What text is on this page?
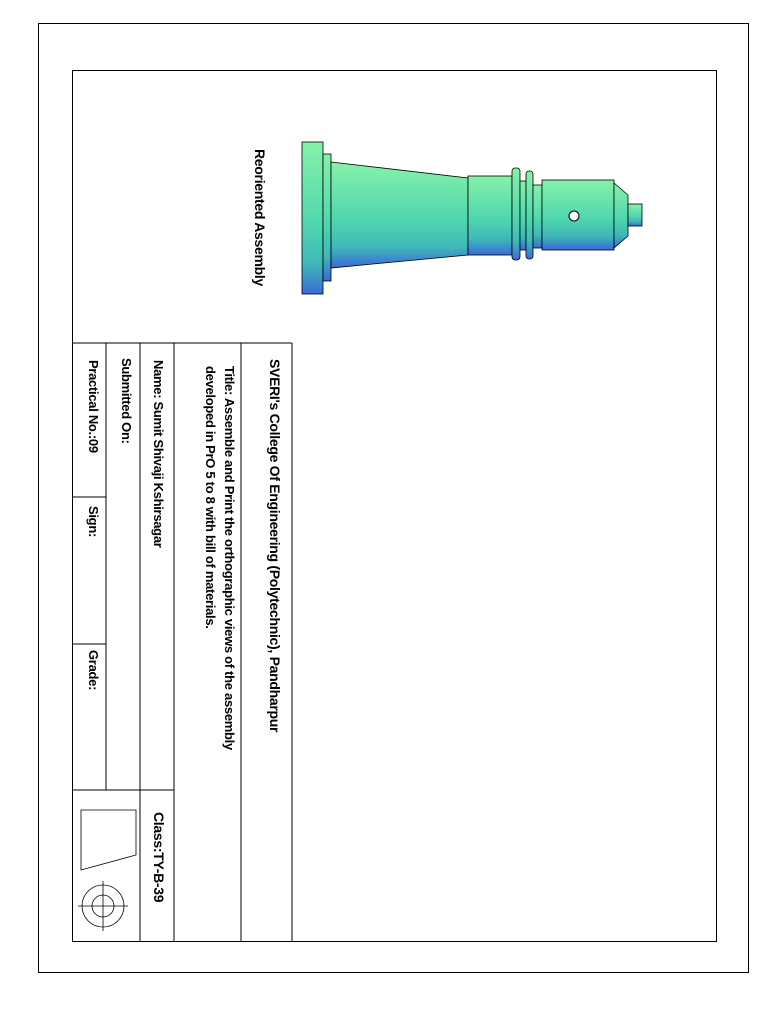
Reoriented Assembly
SVERI's College Of Engineering (Polytechnic), Pandharpur
Title: Assemble and Print the orthographic views of the assembly
developed in PrO 5 to 8 with bill of materials.
Name: Sumit Shivaji Kshirsagar
Class:TY-B-39
Submitted On:
Practical No.:09
Sign:
Grade:
